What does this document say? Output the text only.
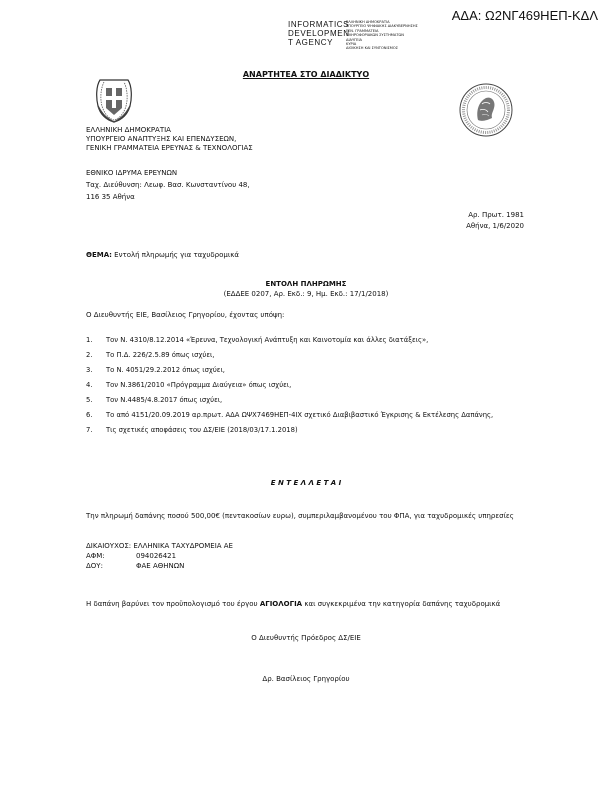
ΑΔΑ: Ω2ΝΓ469ΗΕΠ-ΚΔΛ
INFORMATICS
DEVELOPMEN
T AGENCY
ΕΛΛΗΝΙΚΗ ΔΗΜΟΚΡΑΤΙΑ
ΥΠΟΥΡΓΕΙΟ ΨΗΦΙΑΚΗΣ ΔΙΑΚΥΒΕΡΝΗΣΗΣ
ΓΕΝ. ΓΡΑΜΜΑΤΕΙΑ
ΠΛΗΡΟΦΟΡΙΑΚΩΝ ΣΥΣΤΗΜΑΤΩΝ
ΔΙΑΥΓΕΙΑ
ΚΥΡΙΑ
ΔΙΟΙΚΗΣΗ ΚΑΙ ΣΥΝΤΟΝΙΣΜΟΣ
ΑΝΑΡΤΗΤΕΑ ΣΤΟ ΔΙΑΔΙΚΤΥΟ
ΕΛΛΗΝΙΚΗ ΔΗΜΟΚΡΑΤΙΑ
ΥΠΟΥΡΓΕΙΟ ΑΝΑΠΤΥΞΗΣ ΚΑΙ ΕΠΕΝΔΥΣΕΩΝ,
ΓΕΝΙΚΗ ΓΡΑΜΜΑΤΕΙΑ ΕΡΕΥΝΑΣ & ΤΕΧΝΟΛΟΓΙΑΣ
ΕΘΝΙΚΟ ΙΔΡΥΜΑ ΕΡΕΥΝΩΝ
Ταχ. Διεύθυνση: Λεωφ. Βασ. Κωνσταντίνου 48,
116 35 Αθήνα
Αρ. Πρωτ. 1981
Αθήνα, 1/6/2020
ΘΕΜΑ: Εντολή πληρωμής για ταχυδρομικά
ΕΝΤΟΛΗ ΠΛΗΡΩΜΗΣ
(ΕΔΔΕΕ 0207, Αρ. Εκδ.: 9, Ημ. Εκδ.: 17/1/2018)
Ο Διευθυντής ΕΙΕ, Βασίλειος Γρηγορίου, έχοντας υπόψη:
1. Τον Ν. 4310/8.12.2014 «Έρευνα, Τεχνολογική Ανάπτυξη και Καινοτομία και άλλες διατάξεις»,
2. Το Π.Δ. 226/2.5.89 όπως ισχύει,
3. Το Ν. 4051/29.2.2012 όπως ισχύει,
4. Τον Ν.3861/2010 «Πρόγραμμα Διαύγεια» όπως ισχύει,
5. Τον Ν.4485/4.8.2017 όπως ισχύει,
6. Το από 4151/20.09.2019 αρ.πρωτ. ΑΔΑ ΩΨΧ7469ΗΕΠ-4ΙΧ σχετικό Διαβιβαστικό Έγκρισης & Εκτέλεσης Δαπάνης,
7. Τις σχετικές αποφάσεις του ΔΣ/ΕΙΕ (2018/03/17.1.2018)
Ε Ν Τ Ε Λ Λ Ε Τ Α Ι
Την πληρωμή δαπάνης ποσού 500,00€ (πεντακοσίων ευρω), συμπεριλαμβανομένου του ΦΠΑ, για ταχυδρομικές υπηρεσίες
ΔΙΚΑΙΟΥΧΟΣ: ΕΛΛΗΝΙΚΑ ΤΑΧΥΔΡΟΜΕΙΑ ΑΕ
ΑΦΜ:	094026421
ΔΟΥ:	ΦΑΕ ΑΘΗΝΩΝ
Η δαπάνη βαρύνει τον προϋπολογισμό του έργου ΑΓΙΟΛΟΓΙΑ και συγκεκριμένα την κατηγορία δαπάνης ταχυδρομικά
Ο Διευθυντής Πρόεδρος ΔΣ/ΕΙΕ
Δρ. Βασίλειος Γρηγορίου
